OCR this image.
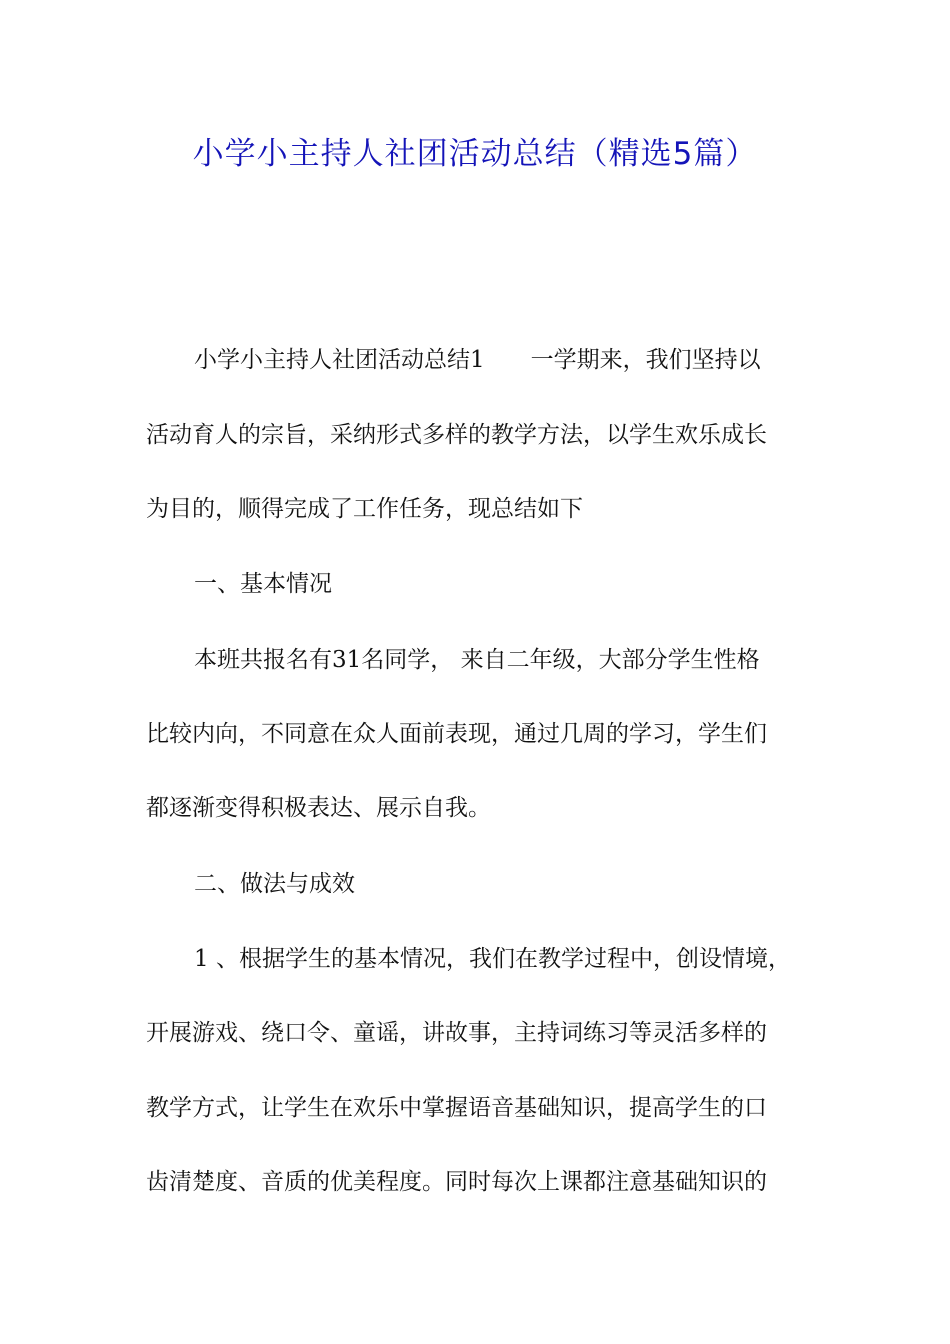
小学小主持人社团活动总结（精选5篇）

小学小主持人社团活动总结1 一学期来，我们坚持以

活动育人的宗旨，采纳形式多样的教学方法，以学生欢乐成长

为目的，顺得完成了工作任务，现总结如下

一、基本情况

本班共报名有31名同学， 来自二年级，大部分学生性格

比较内向，不同意在众人面前表现，通过几周的学习，学生们

都逐渐变得积极表达、展示自我。

二、做法与成效

1 、根据学生的基本情况，我们在教学过程中，创设情境，

开展游戏、绕口令、童谣，讲故事，主持词练习等灵活多样的

教学方式，让学生在欢乐中掌握语音基础知识，提高学生的口

齿清楚度、音质的优美程度。同时每次上课都注意基础知识的
